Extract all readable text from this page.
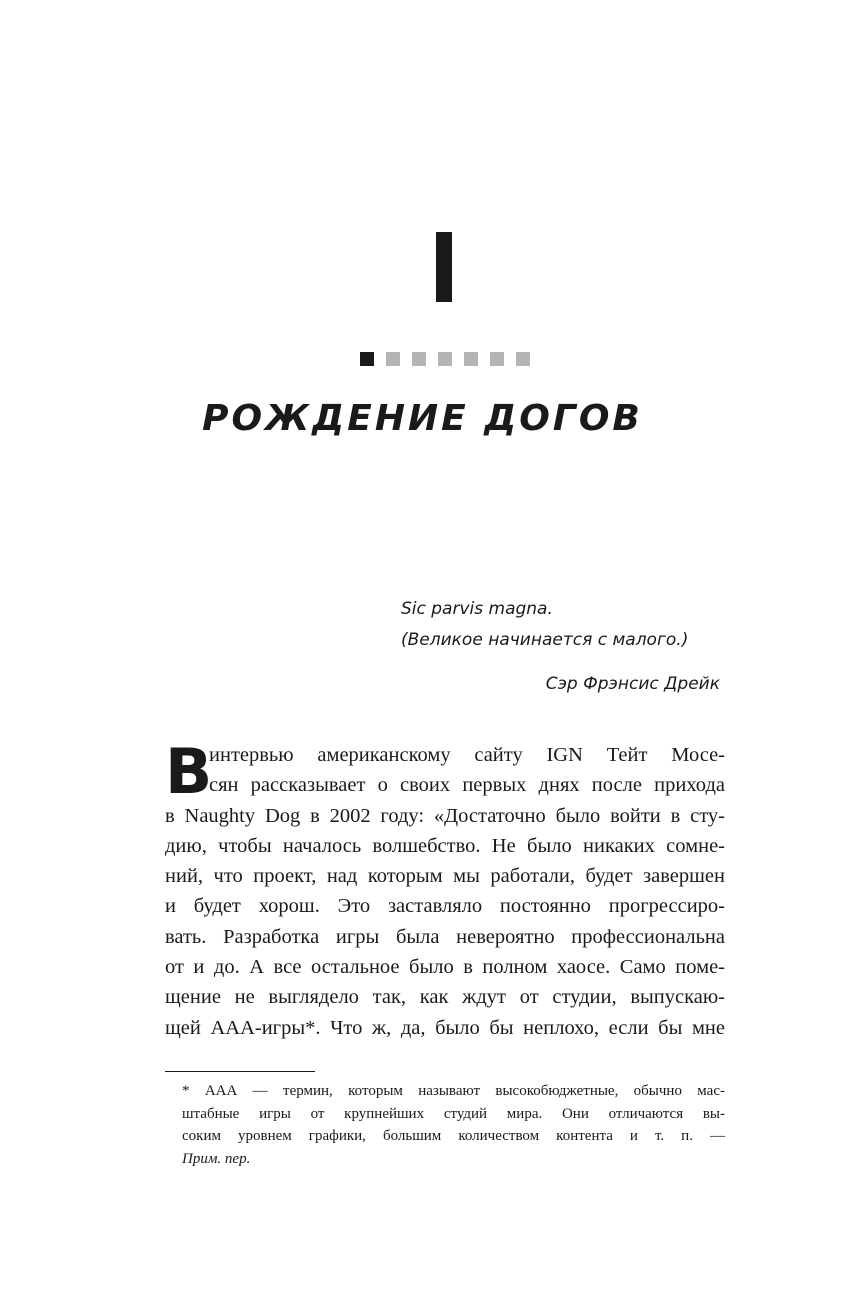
РОЖДЕНИЕ ДОГОВ
Sic parvis magna.
(Великое начинается с малого.)
Сэр Фрэнсис Дрейк
В
интервью американскому сайту IGN Тейт Мосе-
сян рассказывает о своих первых днях после прихода
в Naughty Dog в 2002 году: «Достаточно было войти в сту-
дию, чтобы началось волшебство. Не было никаких сомне-
ний, что проект, над которым мы работали, будет завершен
и будет хорош. Это заставляло постоянно прогрессиро-
вать. Разработка игры была невероятно профессиональна
от и до. А все остальное было в полном хаосе. Само поме-
щение не выглядело так, как ждут от студии, выпускаю-
щей ААА-игры*. Что ж, да, было бы неплохо, если бы мне
* ААА — термин, которым называют высокобюджетные, обычно мас-
штабные игры от крупнейших студий мира. Они отличаются вы-
соким уровнем графики, большим количеством контента и т. п. —
Прим. пер.
